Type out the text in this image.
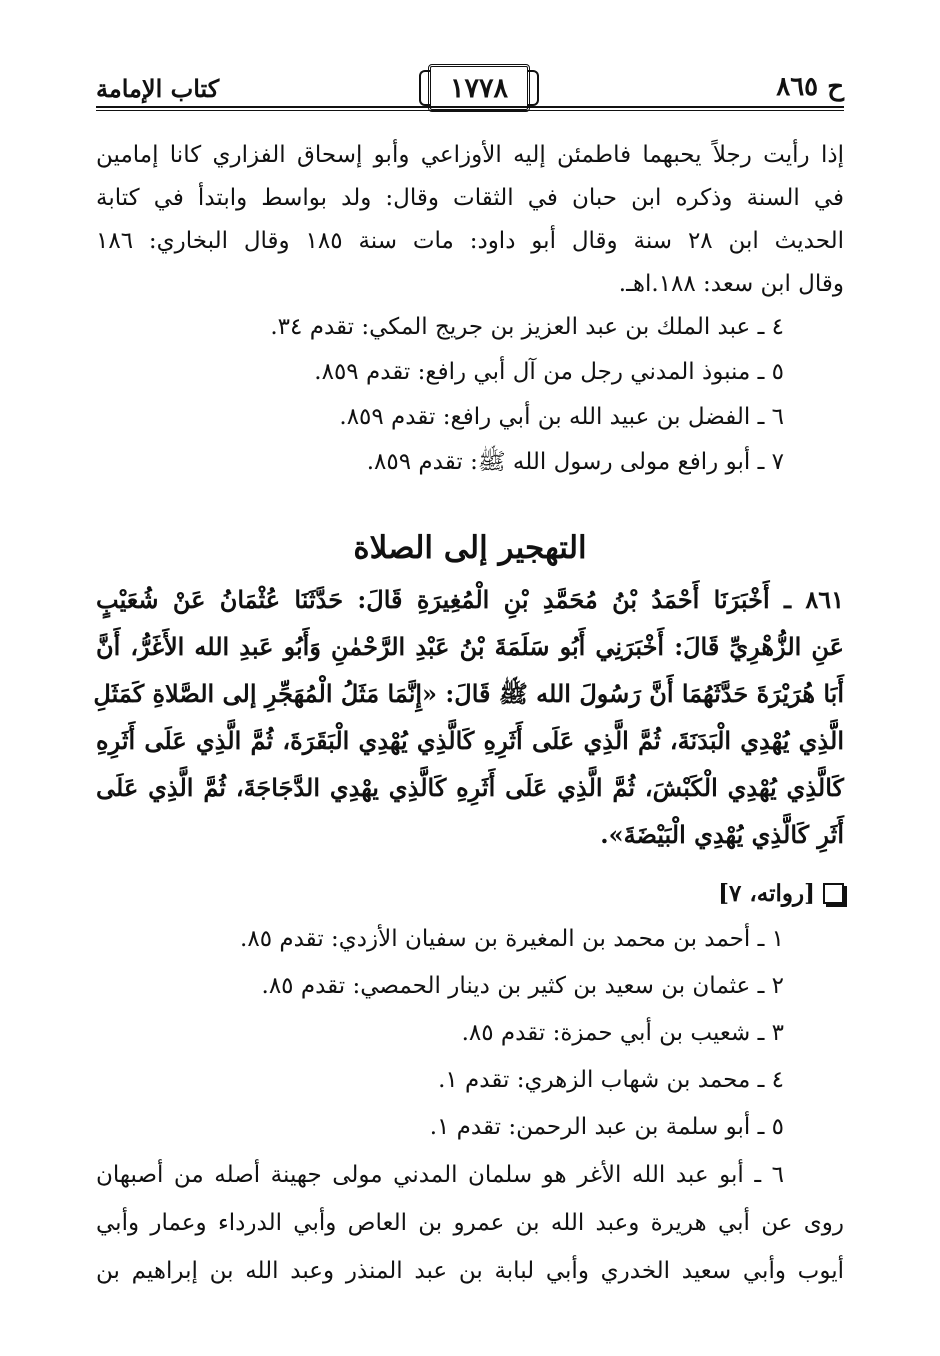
ح ٨٦٥
١٧٧٨
كتاب الإمامة
إذا رأيت رجلاً يحبهما فاطمئن إليه الأوزاعي وأبو إسحاق الفزاري كانا إمامين
في السنة وذكره ابن حبان في الثقات وقال: ولد بواسط وابتدأ في كتابة
الحديث ابن ٢٨ سنة وقال أبو داود: مات سنة ١٨٥ وقال البخاري: ١٨٦
وقال ابن سعد: ١٨٨.اهـ.
٤ ـ عبد الملك بن عبد العزيز بن جريج المكي: تقدم ٣٤.
٥ ـ منبوذ المدني رجل من آل أبي رافع: تقدم ٨٥٩.
٦ ـ الفضل بن عبيد الله بن أبي رافع: تقدم ٨٥٩.
٧ ـ أبو رافع مولى رسول الله ﷺ: تقدم ٨٥٩.
التهجير إلى الصلاة
٨٦١ ـ أَخْبَرَنَا أَحْمَدُ بْنُ مُحَمَّدِ بْنِ الْمُغِيرَةِ قَالَ: حَدَّثَنَا عُثْمَانُ عَنْ شُعَيْبٍ
عَنِ الزُّهْرِيِّ قَالَ: أَخْبَرَنِي أَبُو سَلَمَةَ بْنُ عَبْدِ الرَّحْمٰنِ وَأَبُو عَبدِ الله الأَغَرُّ، أَنَّ
أَبَا هُرَيْرَةَ حَدَّثَهُمَا أَنَّ رَسُولَ الله ﷺ قَالَ: «إِنَّمَا مَثَلُ الْمُهَجِّرِ إلى الصَّلاةِ كَمَثَلِ
الَّذِي يُهْدِي الْبَدَنَةَ، ثُمَّ الَّذِي عَلَى أَثَرِهِ كَالَّذِي يُهْدِي الْبَقَرَةَ، ثُمَّ الَّذِي عَلَى أَثَرِهِ
كَالَّذِي يُهْدِي الْكَبْشَ، ثُمَّ الَّذِي عَلَى أَثَرِهِ كَالَّذِي يهْدِي الدَّجَاجَةَ، ثُمَّ الَّذِي عَلَى
أَثَرِ كَالَّذِي يُهْدِي الْبَيْضَةَ».
[رواته، ٧]
١ ـ أحمد بن محمد بن المغيرة بن سفيان الأزدي: تقدم ٨٥.
٢ ـ عثمان بن سعيد بن كثير بن دينار الحمصي: تقدم ٨٥.
٣ ـ شعيب بن أبي حمزة: تقدم ٨٥.
٤ ـ محمد بن شهاب الزهري: تقدم ١.
٥ ـ أبو سلمة بن عبد الرحمن: تقدم ١.
٦ ـ أبو عبد الله الأغر هو سلمان المدني مولى جهينة أصله من أصبهان
روى عن أبي هريرة وعبد الله بن عمرو بن العاص وأبي الدرداء وعمار وأبي
أيوب وأبي سعيد الخدري وأبي لبابة بن عبد المنذر وعبد الله بن إبراهيم بن
